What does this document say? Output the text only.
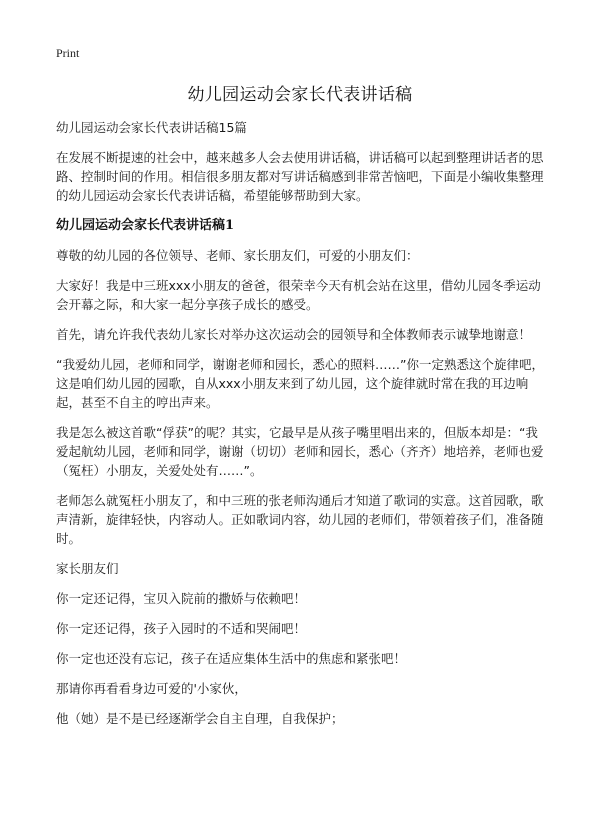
Print
幼儿园运动会家长代表讲话稿

幼儿园运动会家长代表讲话稿15篇

在发展不断提速的社会中，越来越多人会去使用讲话稿，讲话稿可以起到整理讲话者的思路、控制时间的作用。相信很多朋友都对写讲话稿感到非常苦恼吧，下面是小编收集整理的幼儿园运动会家长代表讲话稿，希望能够帮助到大家。

幼儿园运动会家长代表讲话稿1

尊敬的幼儿园的各位领导、老师、家长朋友们，可爱的小朋友们：

大家好！我是中三班xxx小朋友的爸爸，很荣幸今天有机会站在这里，借幼儿园冬季运动会开幕之际，和大家一起分享孩子成长的感受。

首先，请允许我代表幼儿家长对举办这次运动会的园领导和全体教师表示诚挚地谢意！

“我爱幼儿园，老师和同学，谢谢老师和园长，悉心的照料……”你一定熟悉这个旋律吧，这是咱们幼儿园的园歌，自从xxx小朋友来到了幼儿园，这个旋律就时常在我的耳边响起，甚至不自主的哼出声来。

我是怎么被这首歌“俘获”的呢？其实，它最早是从孩子嘴里唱出来的，但版本却是：“我爱起航幼儿园，老师和同学，谢谢（切切）老师和园长，悉心（齐齐）地培养，老师也爱（冤枉）小朋友，关爱处处有……”。

老师怎么就冤枉小朋友了，和中三班的张老师沟通后才知道了歌词的实意。这首园歌，歌声清新，旋律轻快，内容动人。正如歌词内容，幼儿园的老师们，带领着孩子们，准备随时。

家长朋友们

你一定还记得，宝贝入院前的撒娇与依赖吧！

你一定还记得，孩子入园时的不适和哭闹吧！

你一定也还没有忘记，孩子在适应集体生活中的焦虑和紧张吧！

那请你再看看身边可爱的'小家伙，

他（她）是不是已经逐渐学会自主自理，自我保护；
